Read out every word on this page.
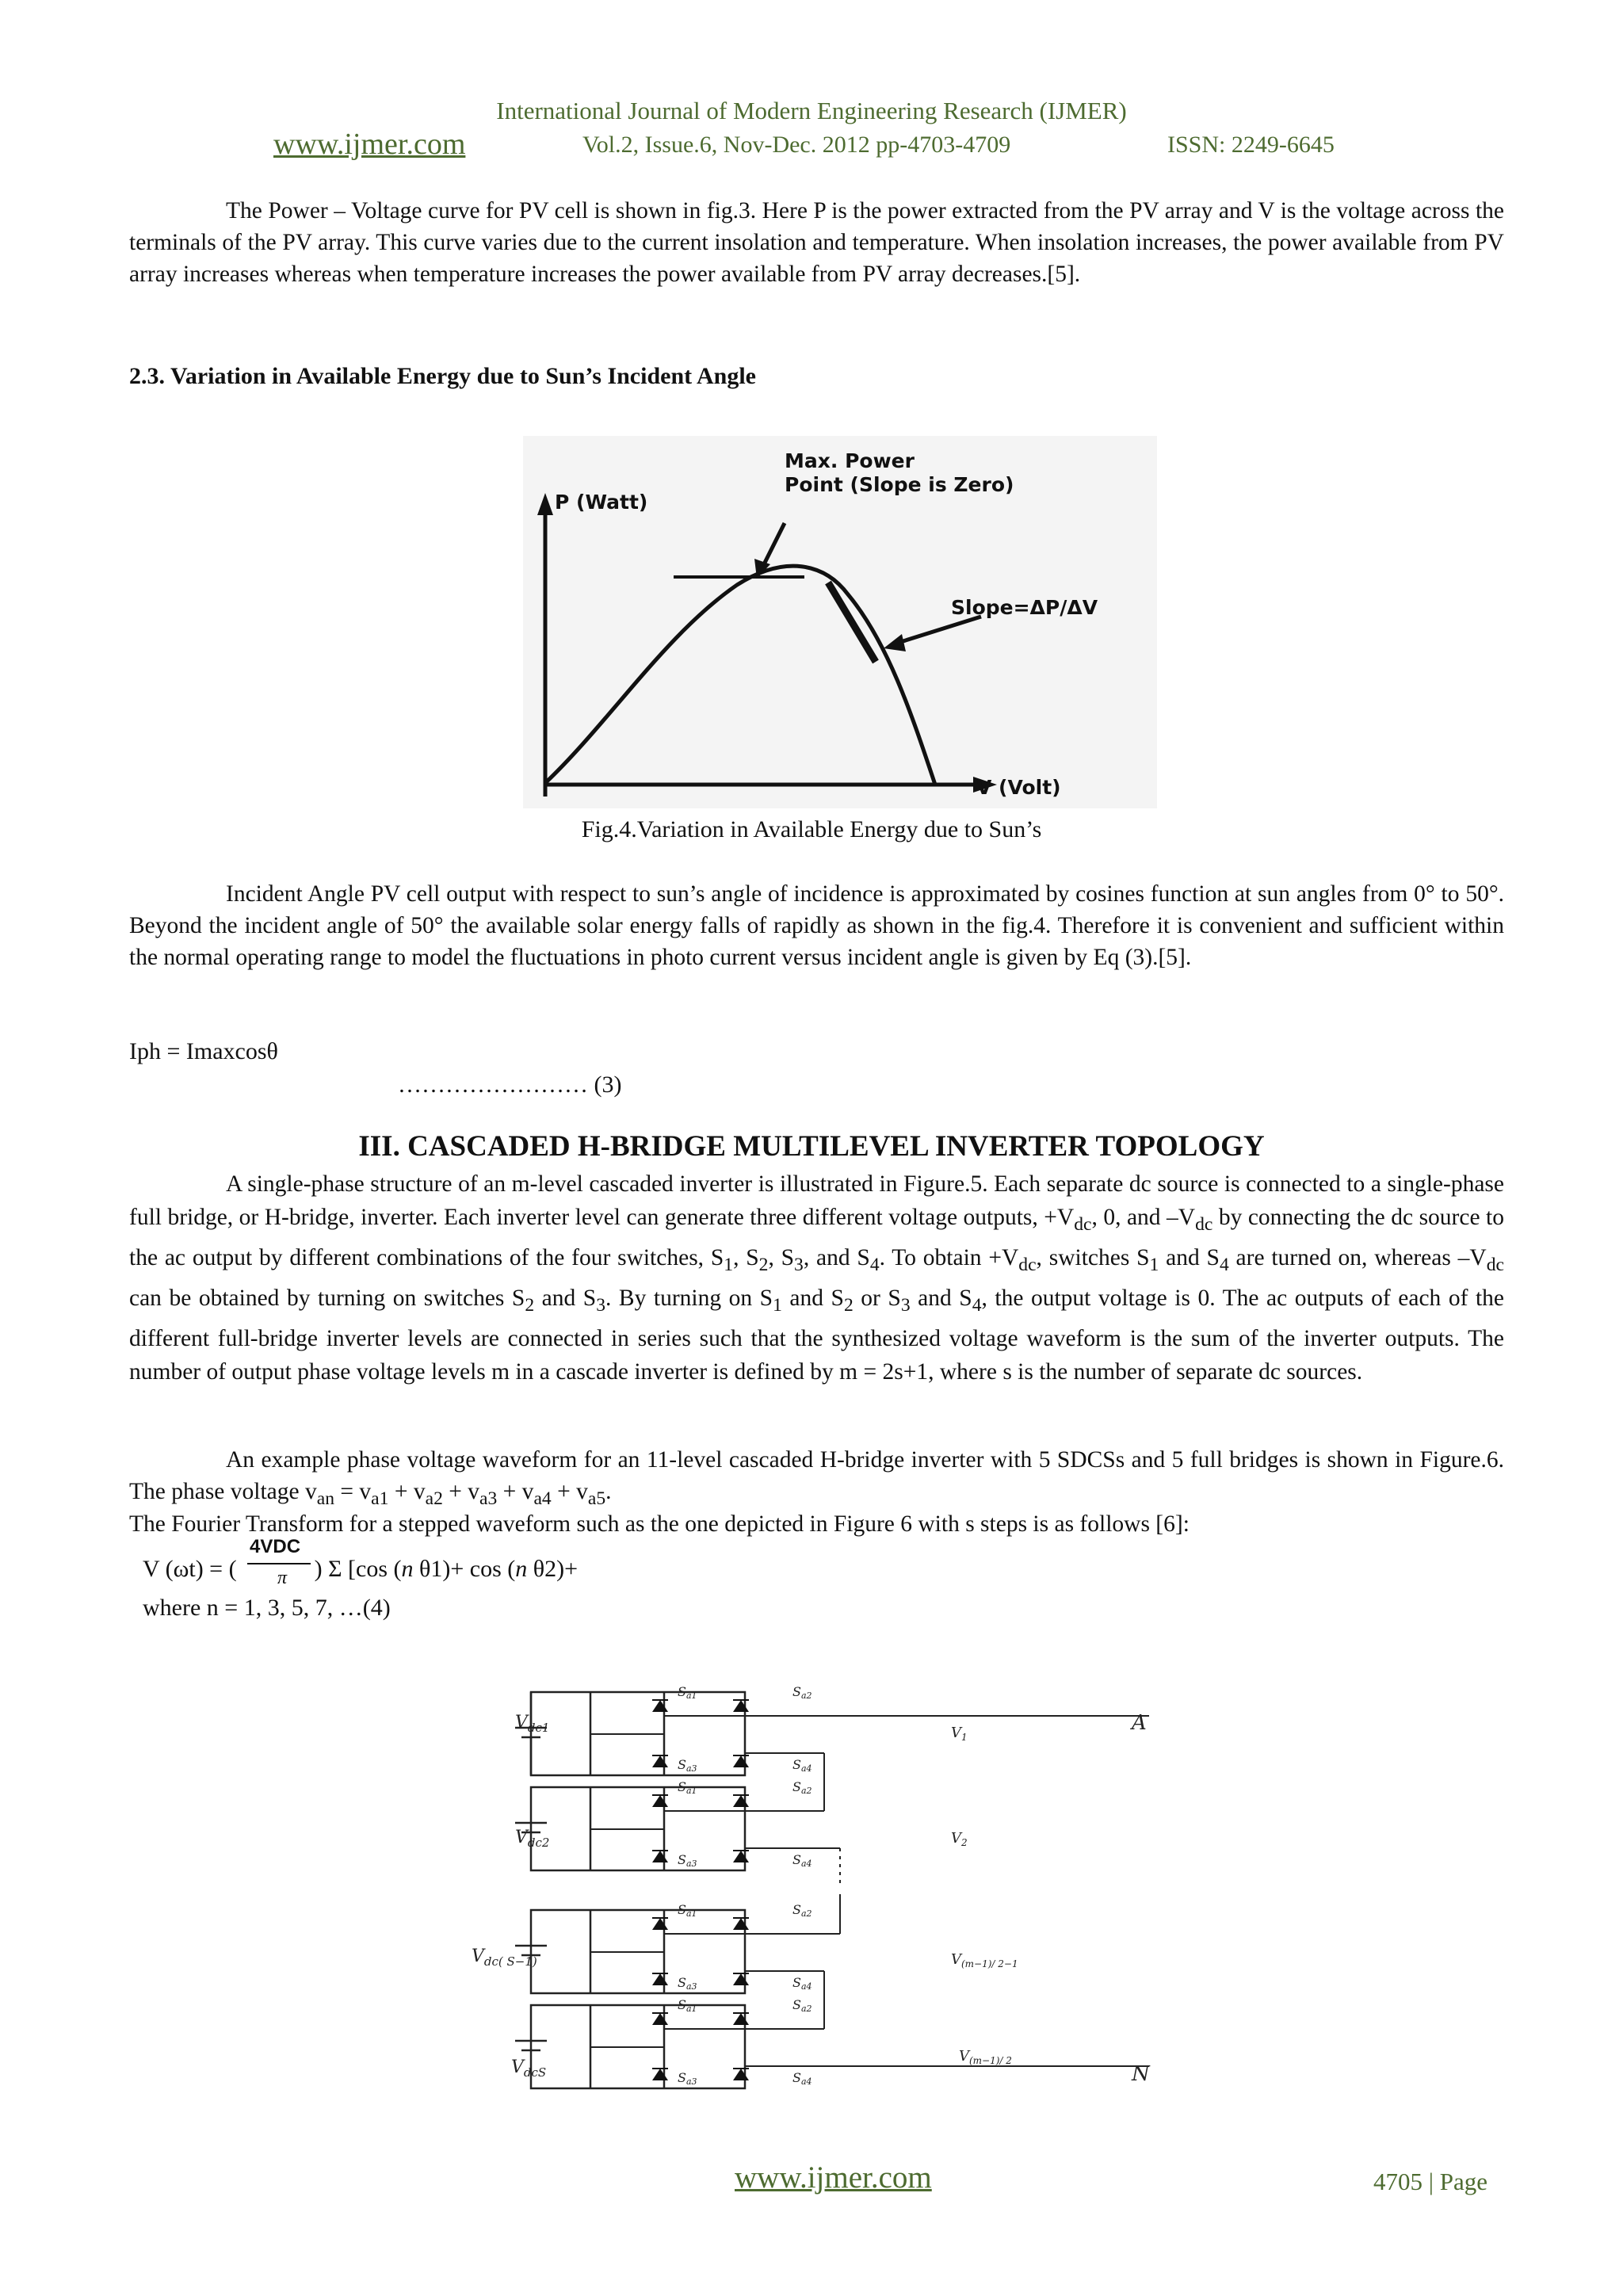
International Journal of Modern Engineering Research (IJMER)
www.ijmer.com	Vol.2, Issue.6, Nov-Dec. 2012 pp-4703-4709	ISSN: 2249-6645
The Power – Voltage curve for PV cell is shown in fig.3. Here P is the power extracted from the PV array and V is the voltage across the terminals of the PV array. This curve varies due to the current insolation and temperature. When insolation increases, the power available from PV array increases whereas when temperature increases the power available from PV array decreases.[5].
2.3. Variation in Available Energy due to Sun’s Incident Angle
P (Watt)
Max. Power
Point (Slope is Zero)
Slope=ΔP/ΔV
V (Volt)
Fig.4.Variation in Available Energy due to Sun’s
Incident Angle PV cell output with respect to sun’s angle of incidence is approximated by cosines function at sun angles from 0° to 50°. Beyond the incident angle of 50° the available solar energy falls of rapidly as shown in the fig.4. Therefore it is convenient and sufficient within the normal operating range to model the fluctuations in photo current versus incident angle is given by Eq (3).[5].
Iph = Imaxcosθ
…………………… (3)
III. CASCADED H-BRIDGE MULTILEVEL INVERTER TOPOLOGY
A single-phase structure of an m-level cascaded inverter is illustrated in Figure.5. Each separate dc source is connected to a single-phase full bridge, or H-bridge, inverter. Each inverter level can generate three different voltage outputs, $+V_{dc}$, 0, and $-V_{dc}$ by connecting the dc source to the ac output by different combinations of the four switches, $S_1$, $S_2$, $S_3$, and $S_4$. To obtain $+V_{dc}$, switches $S_1$ and $S_4$ are turned on, whereas $-V_{dc}$ can be obtained by turning on switches $S_2$ and $S_3$. By turning on $S_1$ and $S_2$ or $S_3$ and $S_4$, the output voltage is 0. The ac outputs of each of the different full-bridge inverter levels are connected in series such that the synthesized voltage waveform is the sum of the inverter outputs. The number of output phase voltage levels m in a cascade inverter is defined by m = 2s+1, where s is the number of separate dc sources.
An example phase voltage waveform for an 11-level cascaded H-bridge inverter with 5 SDCSs and 5 full bridges is shown in Figure.6. The phase voltage $v_{an} = v_{a1} + v_{a2} + v_{a3} + v_{a4} + v_{a5}$.
The Fourier Transform for a stepped waveform such as the one depicted in Figure 6 with s steps is as follows [6]:
4VDC
π
V (ωt) = (	) Σ [cos (n θ1)+ cos (n θ2)+
where n = 1, 3, 5, 7, …(4)
$V_{dc1}$
$V_{dc2}$
$V_{dc( S-1)}$
$V_{dcS}$
Sa1	Sa2
Sa3	Sa4
Sa1	Sa2
Sa3	Sa4
Sa1	Sa2
Sa3	Sa4
Sa1	Sa2
Sa3	Sa4
$V_1$
$V_2$
$V_{(m-1)/ 2-1}$
$V_{(m-1)/ 2}$
A
N
www.ijmer.com	4705 | Page
